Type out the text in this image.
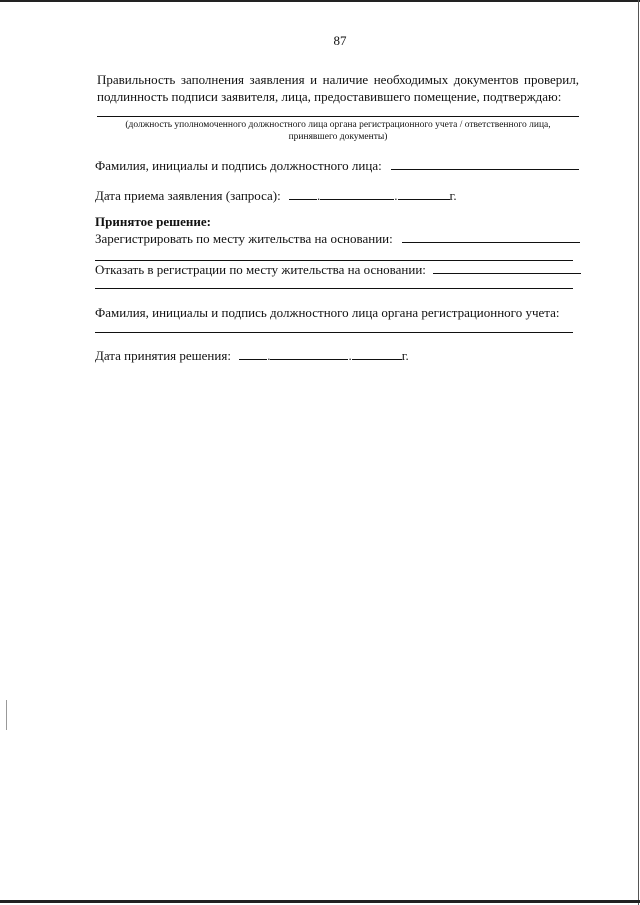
87
Правильность заполнения заявления и наличие необходимых документов проверил,
подлинность подписи заявителя, лица, предоставившего помещение, подтверждаю:
(должность уполномоченного должностного лица органа регистрационного учета / ответственного лица,
принявшего документы)
Фамилия, инициалы и подпись должностного лица:
Дата приема заявления (запроса):	.	.	г.
Принятое решение:
Зарегистрировать по месту жительства на основании:
Отказать в регистрации по месту жительства на основании:
Фамилия, инициалы и подпись должностного лица органа регистрационного учета:
Дата принятия решения:	.	.	г.
